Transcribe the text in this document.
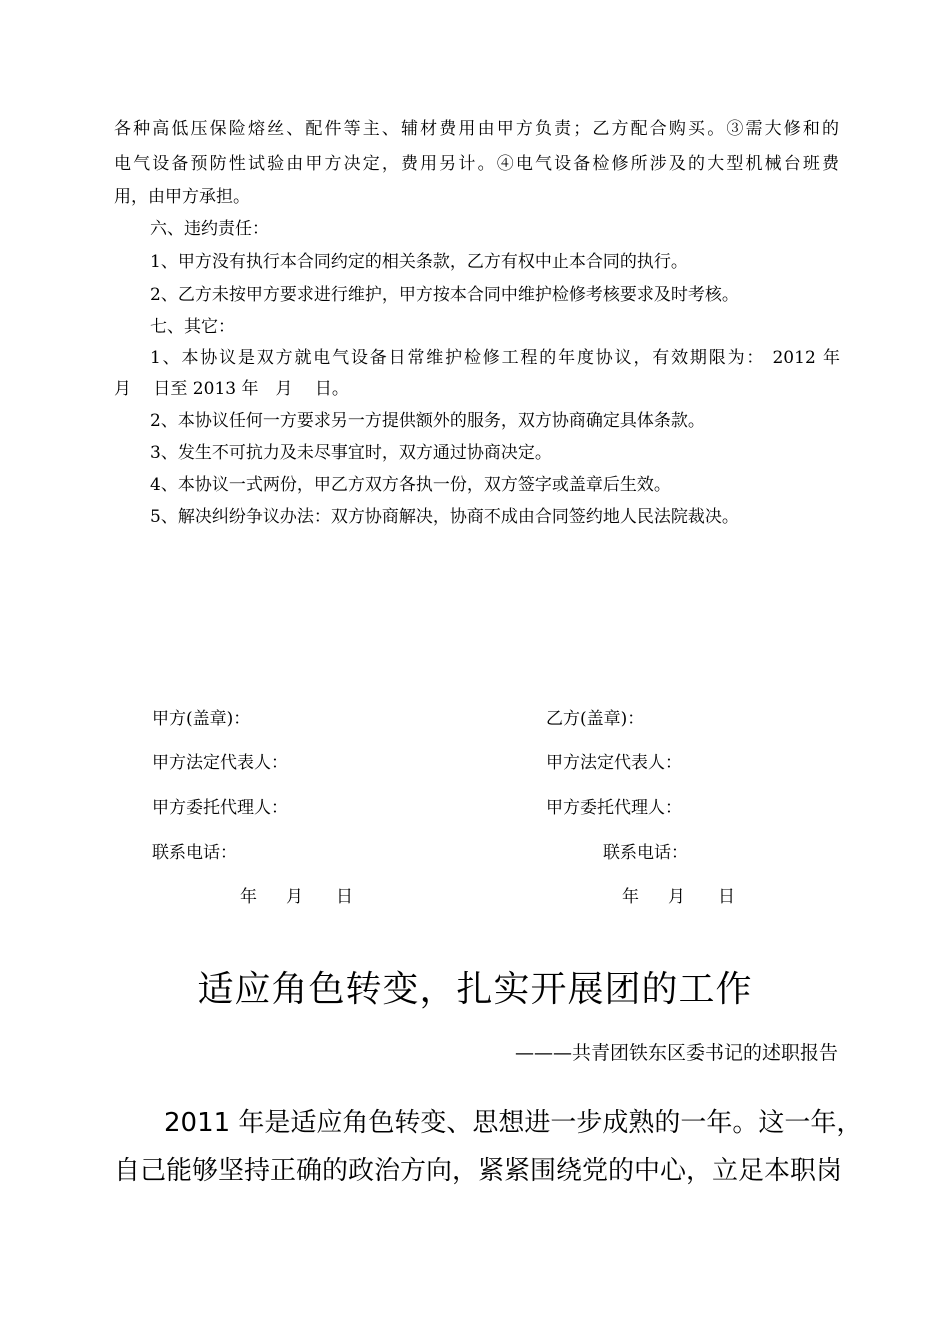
各种高低压保险熔丝、配件等主、辅材费用由甲方负责；乙方配合购买。③需大修和的
电气设备预防性试验由甲方决定，费用另计。④电气设备检修所涉及的大型机械台班费
用，由甲方承担。
六、违约责任：
1、甲方没有执行本合同约定的相关条款，乙方有权中止本合同的执行。
2、乙方未按甲方要求进行维护，甲方按本合同中维护检修考核要求及时考核。
七、其它：
1、本协议是双方就电气设备日常维护检修工程的年度协议，有效期限为： 2012 年
月　 日至 2013 年　月　 日。
2、本协议任何一方要求另一方提供额外的服务，双方协商确定具体条款。
3、发生不可抗力及未尽事宜时，双方通过协商决定。
4、本协议一式两份，甲乙方双方各执一份，双方签字或盖章后生效。
5、解决纠纷争议办法：双方协商解决，协商不成由合同签约地人民法院裁决。
甲方(盖章)：
甲方法定代表人：
甲方委托代理人：
联系电话：
年 月 日
乙方(盖章)：
甲方法定代表人：
甲方委托代理人：
联系电话：
年 月 日
适应角色转变，扎实开展团的工作
———共青团铁东区委书记的述职报告
2011 年是适应角色转变、思想进一步成熟的一年。这一年，
自己能够坚持正确的政治方向，紧紧围绕党的中心，立足本职岗
